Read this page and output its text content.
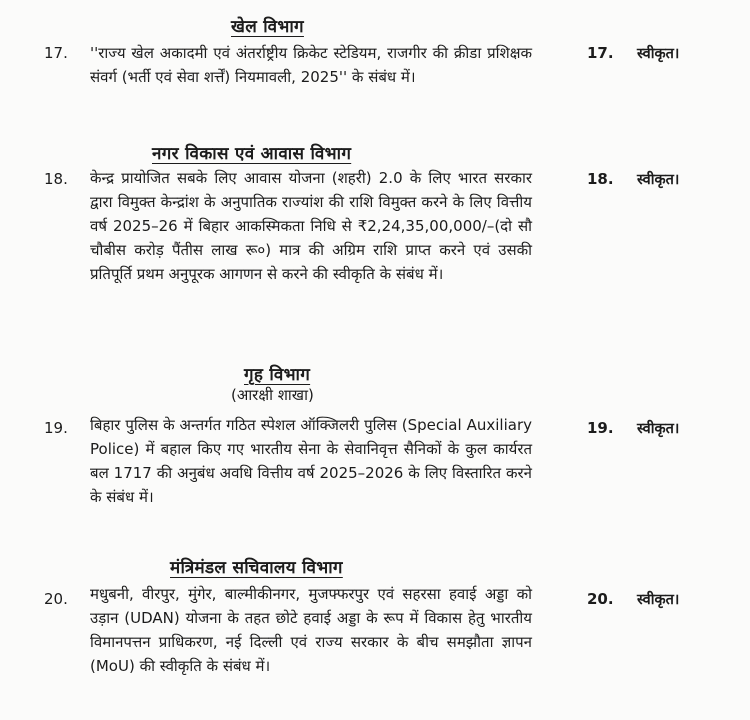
खेल विभाग
17. ''राज्य खेल अकादमी एवं अंतर्राष्ट्रीय क्रिकेट स्टेडियम, राजगीर की क्रीडा प्रशिक्षक संवर्ग (भर्ती एवं सेवा शर्त्तें) नियमावली, 2025'' के संबंध में।
17. स्वीकृत।
नगर विकास एवं आवास विभाग
18. केन्द्र प्रायोजित सबके लिए आवास योजना (शहरी) 2.0 के लिए भारत सरकार द्वारा विमुक्त केन्द्रांश के अनुपातिक राज्यांश की राशि विमुक्त करने के लिए वित्तीय वर्ष 2025–26 में बिहार आकस्मिकता निधि से ₹2,24,35,00,000/–(दो सौ चौबीस करोड़ पैंतीस लाख रू०) मात्र की अग्रिम राशि प्राप्त करने एवं उसकी प्रतिपूर्ति प्रथम अनुपूरक आगणन से करने की स्वीकृति के संबंध में।
18. स्वीकृत।
गृह विभाग
(आरक्षी शाखा)
19. बिहार पुलिस के अन्तर्गत गठित स्पेशल ऑक्जिलरी पुलिस (Special Auxiliary Police) में बहाल किए गए भारतीय सेना के सेवानिवृत्त सैनिकों के कुल कार्यरत बल 1717 की अनुबंध अवधि वित्तीय वर्ष 2025–2026 के लिए विस्तारित करने के संबंध में।
19. स्वीकृत।
मंत्रिमंडल सचिवालय विभाग
20. मधुबनी, वीरपुर, मुंगेर, बाल्मीकीनगर, मुजफ्फरपुर एवं सहरसा हवाई अड्डा को उड़ान (UDAN) योजना के तहत छोटे हवाई अड्डा के रूप में विकास हेतु भारतीय विमानपत्तन प्राधिकरण, नई दिल्ली एवं राज्य सरकार के बीच समझौता ज्ञापन (MoU) की स्वीकृति के संबंध में।
20. स्वीकृत।
